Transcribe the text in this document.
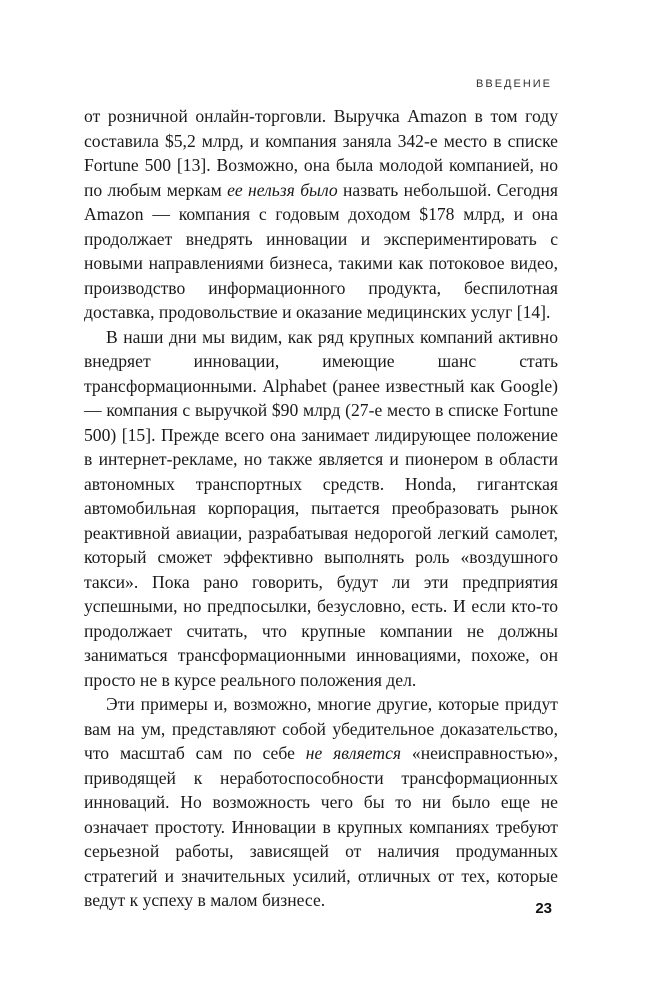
ВВЕДЕНИЕ

от розничной онлайн-торговли. Выручка Amazon в том году составила $5,2 млрд, и компания заняла 342-е место в списке Fortune 500 [13]. Возможно, она была молодой компанией, но по любым меркам ее нельзя было назвать небольшой. Сегодня Amazon — компания с годовым доходом $178 млрд, и она продолжает внедрять инновации и экспериментировать с новыми направлениями бизнеса, такими как потоковое видео, производство информационного продукта, беспилотная доставка, продовольствие и оказание медицинских услуг [14].

В наши дни мы видим, как ряд крупных компаний активно внедряет инновации, имеющие шанс стать трансформационными. Alphabet (ранее известный как Google) — компания с выручкой $90 млрд (27-е место в списке Fortune 500) [15]. Прежде всего она занимает лидирующее положение в интернет-рекламе, но также является и пионером в области автономных транспортных средств. Honda, гигантская автомобильная корпорация, пытается преобразовать рынок реактивной авиации, разрабатывая недорогой легкий самолет, который сможет эффективно выполнять роль «воздушного такси». Пока рано говорить, будут ли эти предприятия успешными, но предпосылки, безусловно, есть. И если кто-то продолжает считать, что крупные компании не должны заниматься трансформационными инновациями, похоже, он просто не в курсе реального положения дел.

Эти примеры и, возможно, многие другие, которые придут вам на ум, представляют собой убедительное доказательство, что масштаб сам по себе не является «неисправностью», приводящей к неработоспособности трансформационных инноваций. Но возможность чего бы то ни было еще не означает простоту. Инновации в крупных компаниях требуют серьезной работы, зависящей от наличия продуманных стратегий и значительных усилий, отличных от тех, которые ведут к успеху в малом бизнесе.	23
